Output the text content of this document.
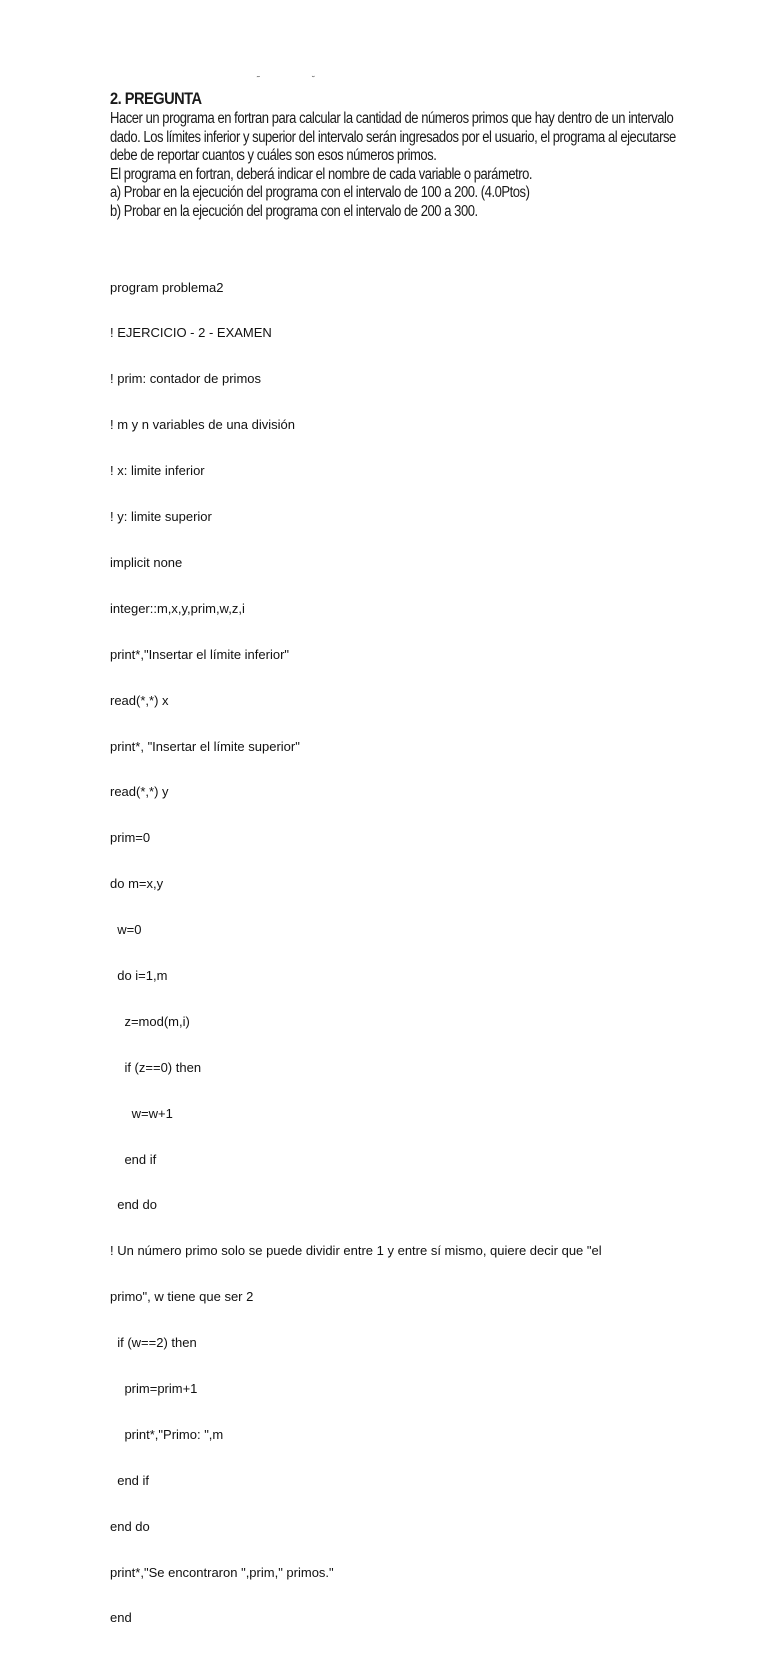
˜	˘
2. PREGUNTA
Hacer un programa en fortran para calcular la cantidad de números primos que hay dentro de un intervalo
dado. Los límites inferior y superior del intervalo serán ingresados por el usuario, el programa al ejecutarse
debe de reportar cuantos y cuáles son esos números primos.
El programa en fortran, deberá indicar el nombre de cada variable o parámetro.
a) Probar en la ejecución del programa con el intervalo de 100 a 200. (4.0Ptos)
b) Probar en la ejecución del programa con el intervalo de 200 a 300.

program problema2

! EJERCICIO - 2 - EXAMEN

! prim: contador de primos

! m y n variables de una división

! x: limite inferior

! y: limite superior

implicit none

integer::m,x,y,prim,w,z,i

print*,"Insertar el límite inferior"

read(*,*) x

print*, "Insertar el límite superior"

read(*,*) y

prim=0

do m=x,y

w=0

do i=1,m

z=mod(m,i)

if (z==0) then

w=w+1

end if

end do

! Un número primo solo se puede dividir entre 1 y entre sí mismo, quiere decir que "el

primo", w tiene que ser 2

if (w==2) then

prim=prim+1

print*,"Primo: ",m

end if

end do

print*,"Se encontraron ",prim," primos."

end
